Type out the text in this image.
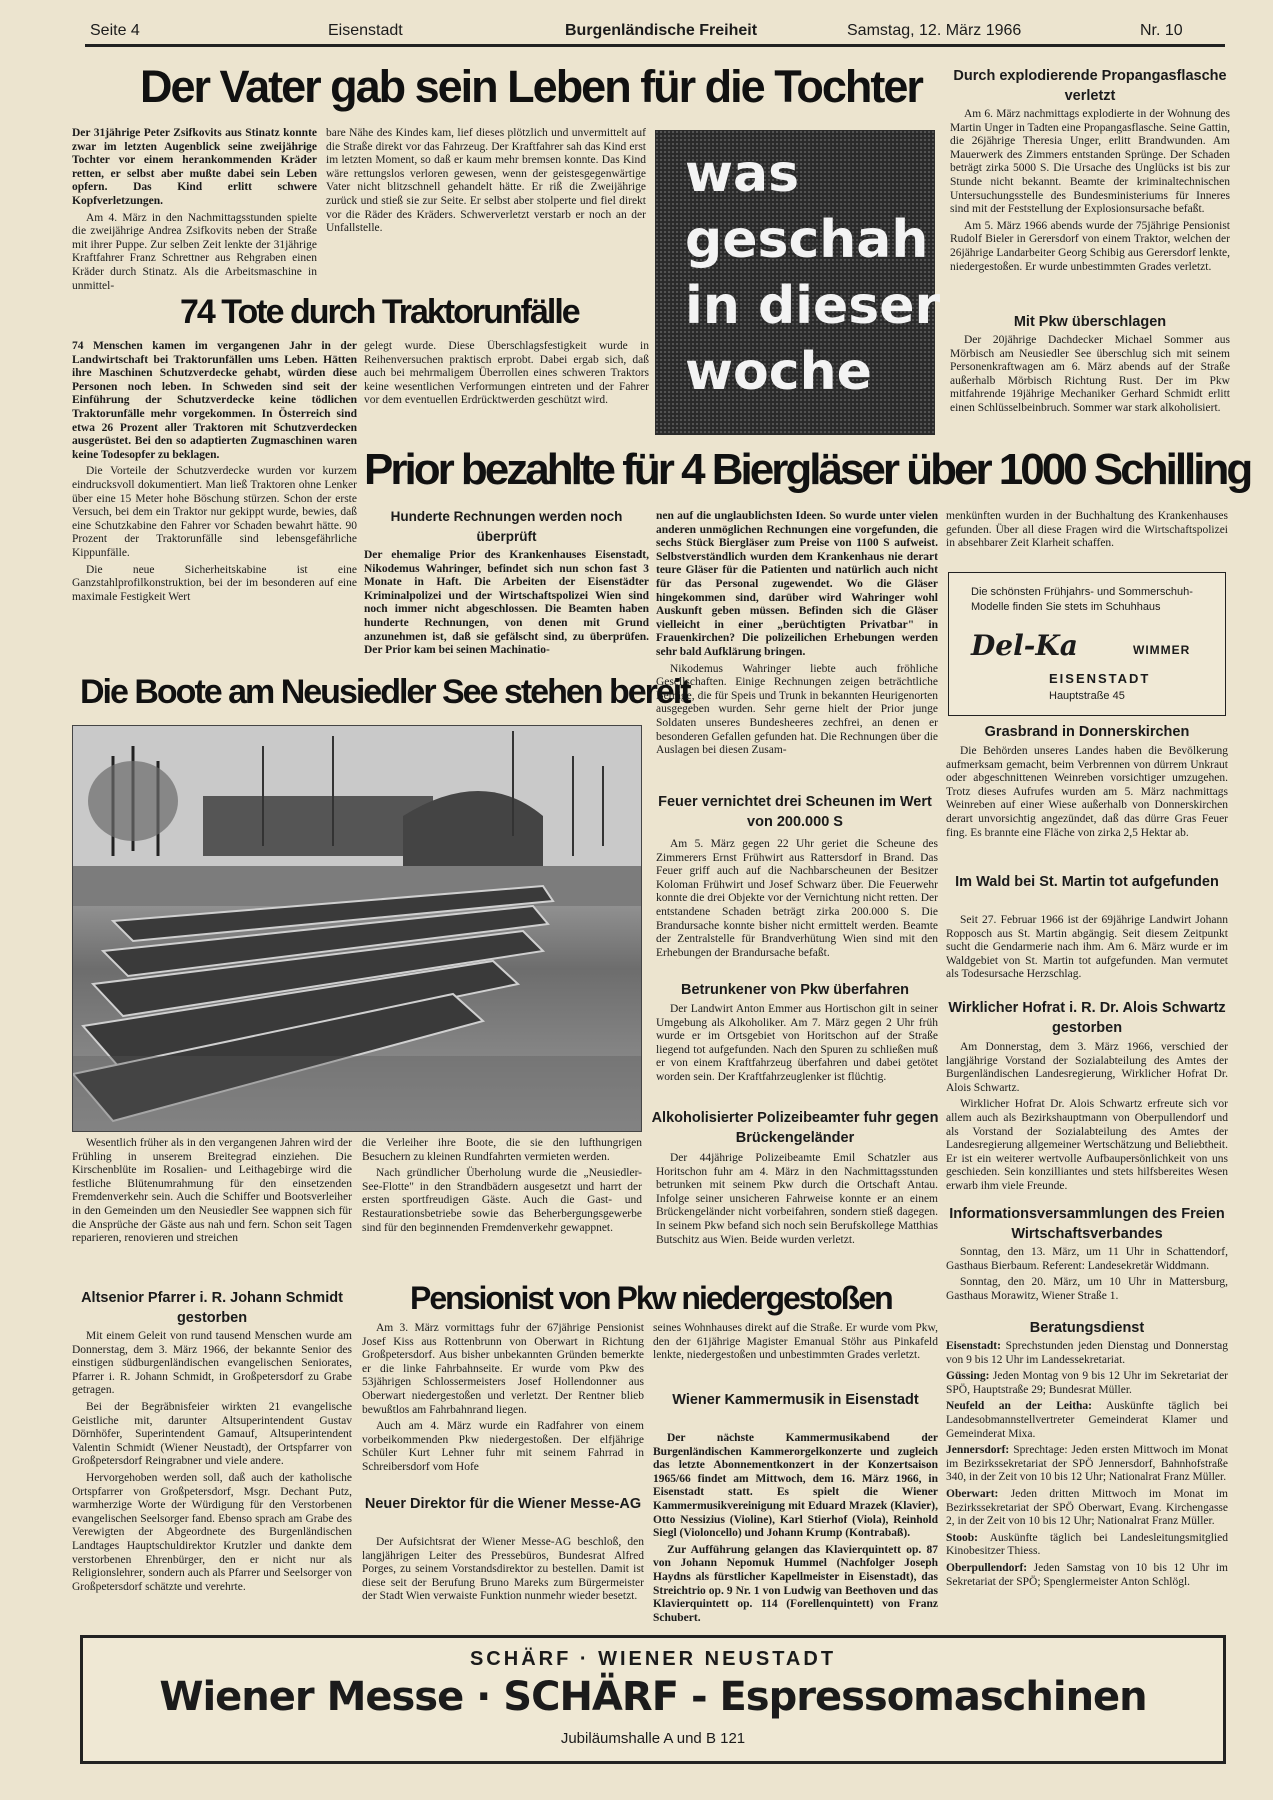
Seite 4	Eisenstadt	Burgenländische Freiheit	Samstag, 12. März 1966	Nr. 10
Der Vater gab sein Leben für die Tochter

Der 31jährige Peter Zsifkovits aus Stinatz konnte zwar im letzten Augenblick seine zweijährige Tochter vor einem herankommenden Kräder retten, er selbst aber mußte dabei sein Leben opfern. Das Kind erlitt schwere Kopfverletzungen.

Am 4. März in den Nachmittagsstunden spielte die zweijährige Andrea Zsifkovits neben der Straße mit ihrer Puppe. Zur selben Zeit lenkte der 31jährige Kraftfahrer Franz Schrettner aus Rehgraben einen Kräder durch Stinatz. Als die Arbeitsmaschine in unmittel-

bare Nähe des Kindes kam, lief dieses plötzlich und unvermittelt auf die Straße direkt vor das Fahrzeug. Der Kraftfahrer sah das Kind erst im letzten Moment, so daß er kaum mehr bremsen konnte. Das Kind wäre rettungslos verloren gewesen, wenn der geistesgegenwärtige Vater nicht blitzschnell gehandelt hätte. Er riß die Zweijährige zurück und stieß sie zur Seite. Er selbst aber stolperte und fiel direkt vor die Räder des Kräders. Schwerverletzt verstarb er noch an der Unfallstelle.

was
geschah
in dieser
woche
Durch explodierende Propangasflasche verletzt

Am 6. März nachmittags explodierte in der Wohnung des Martin Unger in Tadten eine Propangasflasche. Seine Gattin, die 26jährige Theresia Unger, erlitt Brandwunden. Am Mauerwerk des Zimmers entstanden Sprünge. Der Schaden beträgt zirka 5000 S. Die Ursache des Unglücks ist bis zur Stunde nicht bekannt. Beamte der kriminaltechnischen Untersuchungsstelle des Bundesministeriums für Inneres sind mit der Feststellung der Explosionsursache befaßt.

Am 5. März 1966 abends wurde der 75jährige Pensionist Rudolf Bieler in Gerersdorf von einem Traktor, welchen der 26jährige Landarbeiter Georg Schibig aus Gerersdorf lenkte, niedergestoßen. Er wurde unbestimmten Grades verletzt.

Mit Pkw überschlagen

Der 20jährige Dachdecker Michael Sommer aus Mörbisch am Neusiedler See überschlug sich mit seinem Personenkraftwagen am 6. März abends auf der Straße außerhalb Mörbisch Richtung Rust. Der im Pkw mitfahrende 19jährige Mechaniker Gerhard Schmidt erlitt einen Schlüsselbeinbruch. Sommer war stark alkoholisiert.

74 Tote durch Traktorunfälle

74 Menschen kamen im vergangenen Jahr in der Landwirtschaft bei Traktorunfällen ums Leben. Hätten ihre Maschinen Schutzverdecke gehabt, würden diese Personen noch leben. In Schweden sind seit der Einführung der Schutzverdecke keine tödlichen Traktorunfälle mehr vorgekommen. In Österreich sind etwa 26 Prozent aller Traktoren mit Schutzverdecken ausgerüstet. Bei den so adaptierten Zugmaschinen waren keine Todesopfer zu beklagen.

Die Vorteile der Schutzverdecke wurden vor kurzem eindrucksvoll dokumentiert. Man ließ Traktoren ohne Lenker über eine 15 Meter hohe Böschung stürzen. Schon der erste Versuch, bei dem ein Traktor nur gekippt wurde, bewies, daß eine Schutzkabine den Fahrer vor Schaden bewahrt hätte. 90 Prozent der Traktorunfälle sind lebensgefährliche Kippunfälle.

Die neue Sicherheitskabine ist eine Ganzstahlprofilkonstruktion, bei der im besonderen auf eine maximale Festigkeit Wert

gelegt wurde. Diese Überschlagsfestigkeit wurde in Reihenversuchen praktisch erprobt. Dabei ergab sich, daß auch bei mehrmaligem Überrollen eines schweren Traktors keine wesentlichen Verformungen eintreten und der Fahrer vor dem eventuellen Erdrücktwerden geschützt wird.

Prior bezahlte für 4 Biergläser über 1000 Schilling
Hunderte Rechnungen werden noch überprüft

Der ehemalige Prior des Krankenhauses Eisenstadt, Nikodemus Wahringer, befindet sich nun schon fast 3 Monate in Haft. Die Arbeiten der Eisenstädter Kriminalpolizei und der Wirtschaftspolizei Wien sind noch immer nicht abgeschlossen. Die Beamten haben hunderte Rechnungen, von denen mit Grund anzunehmen ist, daß sie gefälscht sind, zu überprüfen. Der Prior kam bei seinen Machinatio-

nen auf die unglaublichsten Ideen. So wurde unter vielen anderen unmöglichen Rechnungen eine vorgefunden, die sechs Stück Biergläser zum Preise von 1100 S aufweist. Selbstverständlich wurden dem Krankenhaus nie derart teure Gläser für die Patienten und natürlich auch nicht für das Personal zugewendet. Wo die Gläser hingekommen sind, darüber wird Wahringer wohl Auskunft geben müssen. Befinden sich die Gläser vielleicht in einer „berüchtigten Privatbar" in Frauenkirchen? Die polizeilichen Erhebungen werden sehr bald Aufklärung bringen.

Nikodemus Wahringer liebte auch fröhliche Gesellschaften. Einige Rechnungen zeigen beträchtliche Beträge, die für Speis und Trunk in bekannten Heurigenorten ausgegeben wurden. Sehr gerne hielt der Prior junge Soldaten unseres Bundesheeres zechfrei, an denen er besonderen Gefallen gefunden hat. Die Rechnungen über die Auslagen bei diesen Zusam-

menkünften wurden in der Buchhaltung des Krankenhauses gefunden. Über all diese Fragen wird die Wirtschaftspolizei in absehbarer Zeit Klarheit schaffen.

Die schönsten Frühjahrs- und Sommerschuh-Modelle finden Sie stets im Schuhhaus
Del-Ka	WIMMER
EISENSTADT
Hauptstraße 45
Die Boote am Neusiedler See stehen bereit

Wesentlich früher als in den vergangenen Jahren wird der Frühling in unserem Breitegrad einziehen. Die Kirschenblüte im Rosalien- und Leithagebirge wird die festliche Blütenumrahmung für den einsetzenden Fremdenverkehr sein. Auch die Schiffer und Bootsverleiher in den Gemeinden um den Neusiedler See wappnen sich für die Ansprüche der Gäste aus nah und fern. Schon seit Tagen reparieren, renovieren und streichen

die Verleiher ihre Boote, die sie den lufthungrigen Besuchern zu kleinen Rundfahrten vermieten werden.

Nach gründlicher Überholung wurde die „Neusiedler-See-Flotte" in den Strandbädern ausgesetzt und harrt der ersten sportfreudigen Gäste. Auch die Gast- und Restaurationsbetriebe sowie das Beherbergungsgewerbe sind für den beginnenden Fremdenverkehr gewappnet.

Feuer vernichtet drei Scheunen im Wert von 200.000 S

Am 5. März gegen 22 Uhr geriet die Scheune des Zimmerers Ernst Frühwirt aus Rattersdorf in Brand. Das Feuer griff auch auf die Nachbarscheunen der Besitzer Koloman Frühwirt und Josef Schwarz über. Die Feuerwehr konnte die drei Objekte vor der Vernichtung nicht retten. Der entstandene Schaden beträgt zirka 200.000 S. Die Brandursache konnte bisher nicht ermittelt werden. Beamte der Zentralstelle für Brandverhütung Wien sind mit den Erhebungen der Brandursache befaßt.

Betrunkener von Pkw überfahren

Der Landwirt Anton Emmer aus Hortischon gilt in seiner Umgebung als Alkoholiker. Am 7. März gegen 2 Uhr früh wurde er im Ortsgebiet von Horitschon auf der Straße liegend tot aufgefunden. Nach den Spuren zu schließen muß er von einem Kraftfahrzeug überfahren und dabei getötet worden sein. Der Kraftfahrzeuglenker ist flüchtig.

Alkoholisierter Polizeibeamter fuhr gegen Brückengeländer

Der 44jährige Polizeibeamte Emil Schatzler aus Horitschon fuhr am 4. März in den Nachmittagsstunden betrunken mit seinem Pkw durch die Ortschaft Antau. Infolge seiner unsicheren Fahrweise konnte er an einem Brückengeländer nicht vorbeifahren, sondern stieß dagegen. In seinem Pkw befand sich noch sein Berufskollege Matthias Butschitz aus Wien. Beide wurden verletzt.

Grasbrand in Donnerskirchen

Die Behörden unseres Landes haben die Bevölkerung aufmerksam gemacht, beim Verbrennen von dürrem Unkraut oder abgeschnittenen Weinreben vorsichtiger umzugehen. Trotz dieses Aufrufes wurden am 5. März nachmittags Weinreben auf einer Wiese außerhalb von Donnerskirchen derart unvorsichtig angezündet, daß das dürre Gras Feuer fing. Es brannte eine Fläche von zirka 2,5 Hektar ab.

Im Wald bei St. Martin tot aufgefunden

Seit 27. Februar 1966 ist der 69jährige Landwirt Johann Ropposch aus St. Martin abgängig. Seit diesem Zeitpunkt sucht die Gendarmerie nach ihm. Am 6. März wurde er im Waldgebiet von St. Martin tot aufgefunden. Man vermutet als Todesursache Herzschlag.

Wirklicher Hofrat i. R. Dr. Alois Schwartz gestorben

Am Donnerstag, dem 3. März 1966, verschied der langjährige Vorstand der Sozialabteilung des Amtes der Burgenländischen Landesregierung, Wirklicher Hofrat Dr. Alois Schwartz.

Wirklicher Hofrat Dr. Alois Schwartz erfreute sich vor allem auch als Bezirkshauptmann von Oberpullendorf und als Vorstand der Sozialabteilung des Amtes der Landesregierung allgemeiner Wertschätzung und Beliebtheit. Er ist ein weiterer wertvolle Aufbaupersönlichkeit von uns geschieden. Sein konzilliantes und stets hilfsbereites Wesen erwarb ihm viele Freunde.

Informationsversammlungen des Freien Wirtschaftsverbandes

Sonntag, den 13. März, um 11 Uhr in Schattendorf, Gasthaus Bierbaum. Referent: Landesekretär Widdmann.

Sonntag, den 20. März, um 10 Uhr in Mattersburg, Gasthaus Morawitz, Wiener Straße 1.

Beratungsdienst

Eisenstadt: Sprechstunden jeden Dienstag und Donnerstag von 9 bis 12 Uhr im Landessekretariat.

Güssing: Jeden Montag von 9 bis 12 Uhr im Sekretariat der SPÖ, Hauptstraße 29; Bundesrat Müller.

Neufeld an der Leitha: Auskünfte täglich bei Landesobmannstellvertreter Gemeinderat Klamer und Gemeinderat Mixa.

Jennersdorf: Sprechtage: Jeden ersten Mittwoch im Monat im Bezirkssekretariat der SPÖ Jennersdorf, Bahnhofstraße 340, in der Zeit von 10 bis 12 Uhr; Nationalrat Franz Müller.

Oberwart: Jeden dritten Mittwoch im Monat im Bezirkssekretariat der SPÖ Oberwart, Evang. Kirchengasse 2, in der Zeit von 10 bis 12 Uhr; Nationalrat Franz Müller.

Stoob: Auskünfte täglich bei Landesleitungsmitglied Kinobesitzer Thiess.

Oberpullendorf: Jeden Samstag von 10 bis 12 Uhr im Sekretariat der SPÖ; Spenglermeister Anton Schlögl.

Altsenior Pfarrer i. R. Johann Schmidt gestorben

Mit einem Geleit von rund tausend Menschen wurde am Donnerstag, dem 3. März 1966, der bekannte Senior des einstigen südburgenländischen evangelischen Seniorates, Pfarrer i. R. Johann Schmidt, in Großpetersdorf zu Grabe getragen.

Bei der Begräbnisfeier wirkten 21 evangelische Geistliche mit, darunter Altsuperintendent Gustav Dörnhöfer, Superintendent Gamauf, Altsuperintendent Valentin Schmidt (Wiener Neustadt), der Ortspfarrer von Großpetersdorf Reingrabner und viele andere.

Hervorgehoben werden soll, daß auch der katholische Ortspfarrer von Großpetersdorf, Msgr. Dechant Putz, warmherzige Worte der Würdigung für den Verstorbenen evangelischen Seelsorger fand. Ebenso sprach am Grabe des Verewigten der Abgeordnete des Burgenländischen Landtages Hauptschuldirektor Krutzler und dankte dem verstorbenen Ehrenbürger, den er nicht nur als Religionslehrer, sondern auch als Pfarrer und Seelsorger von Großpetersdorf schätzte und verehrte.

Pensionist von Pkw niedergestoßen

Am 3. März vormittags fuhr der 67jährige Pensionist Josef Kiss aus Rottenbrunn von Oberwart in Richtung Großpetersdorf. Aus bisher unbekannten Gründen bemerkte er die linke Fahrbahnseite. Er wurde vom Pkw des 53jährigen Schlossermeisters Josef Hollendonner aus Oberwart niedergestoßen und verletzt. Der Rentner blieb bewußtlos am Fahrbahnrand liegen.

Auch am 4. März wurde ein Radfahrer von einem vorbeikommenden Pkw niedergestoßen. Der elfjährige Schüler Kurt Lehner fuhr mit seinem Fahrrad in Schreibersdorf vom Hofe

seines Wohnhauses direkt auf die Straße. Er wurde vom Pkw, den der 61jährige Magister Emanual Stöhr aus Pinkafeld lenkte, niedergestoßen und unbestimmten Grades verletzt.

Neuer Direktor für die Wiener Messe-AG

Der Aufsichtsrat der Wiener Messe-AG beschloß, den langjährigen Leiter des Pressebüros, Bundesrat Alfred Porges, zu seinem Vorstandsdirektor zu bestellen. Damit ist diese seit der Berufung Bruno Mareks zum Bürgermeister der Stadt Wien verwaiste Funktion nunmehr wieder besetzt.

Wiener Kammermusik in Eisenstadt

Der nächste Kammermusikabend der Burgenländischen Kammerorgelkonzerte und zugleich das letzte Abonnementkonzert in der Konzertsaison 1965/66 findet am Mittwoch, dem 16. März 1966, in Eisenstadt statt. Es spielt die Wiener Kammermusikvereinigung mit Eduard Mrazek (Klavier), Otto Nessizius (Violine), Karl Stierhof (Viola), Reinhold Siegl (Violoncello) und Johann Krump (Kontrabaß).

Zur Aufführung gelangen das Klavierquintett op. 87 von Johann Nepomuk Hummel (Nachfolger Joseph Haydns als fürstlicher Kapellmeister in Eisenstadt), das Streichtrio op. 9 Nr. 1 von Ludwig van Beethoven und das Klavierquintett op. 114 (Forellenquintett) von Franz Schubert.

SCHÄRF · WIENER NEUSTADT
Wiener Messe · SCHÄRF - Espressomaschinen
Jubiläumshalle A und B 121
